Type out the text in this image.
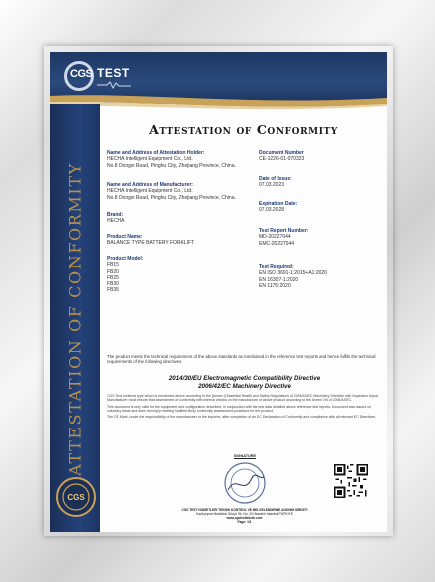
CGS TEST
ATTESTATION OF CONFORMITY
CGS
Attestation of Conformity
Name and Address of Attestation Holder:
HECHA Intelligent Equipment Co., Ltd.
No.8 Dongxi Road, Pinghu City, Zhejiang Province, China.
Name and Address of Manufacturer:
HECHA Intelligent Equipment Co., Ltd.
No.8 Dongxi Road, Pinghu City, Zhejiang Province, China.
Brand:
HECHA
Product Name:
BALANCE TYPE BATTERY FORKLIFT
Product Model:
FB15
FB20
FB25
FB30
FB35
Document Number
CE-1226-01-070323
Date of Issue:
07.03.2023
Expiration Date:
07.03.2028
Test Report Number:
MD-20227044
EMC-20227044
Test Required:
EN ISO 3691-1:2015+A1:2020
EN 16307-1:2020
EN 1175:2020
The product meets the technical requirement of the above standards as mentioned in the reference test reports and hence fulfils the technical requirements of the following directives
2014/30/EU Electromagnetic Compatibility Directive
2006/42/EC Machinery Directive

CGS Test confirms type which is mentioned above according to the [Annex I] Essential Health and Safety Regulations of 2006/42/EC Machinery Directive with inspection report. Manufacturer must ensure that assessment of conformity with internal checks on the manufacture of above product according to the Annex VIII of 2006/42/EC.

This document is only valid for the equipment and configuration described, in conjunction with the test data detailed above reference test reports. Document was issued on voluntary basis and does not imply meeting Notified Body conformity assessment procedure for the product.

The CE Mark, under the responsibility of the manufacturer or the importer, after completion of an EC Declaration of Conformity and compliance with all relevant EC Directives.

SIGNATURE
CGS TEST HIZMETLERI TEKNIK KONTROL VE BELGELENDIRME ANONIM SIRKETI
Kazlıçeşme Mahallesi Gözçü Sk. No: 2/2 Atasehir İstanbul/TÜRKIYE
www.cgstestteknik.com
Page: 1/1
